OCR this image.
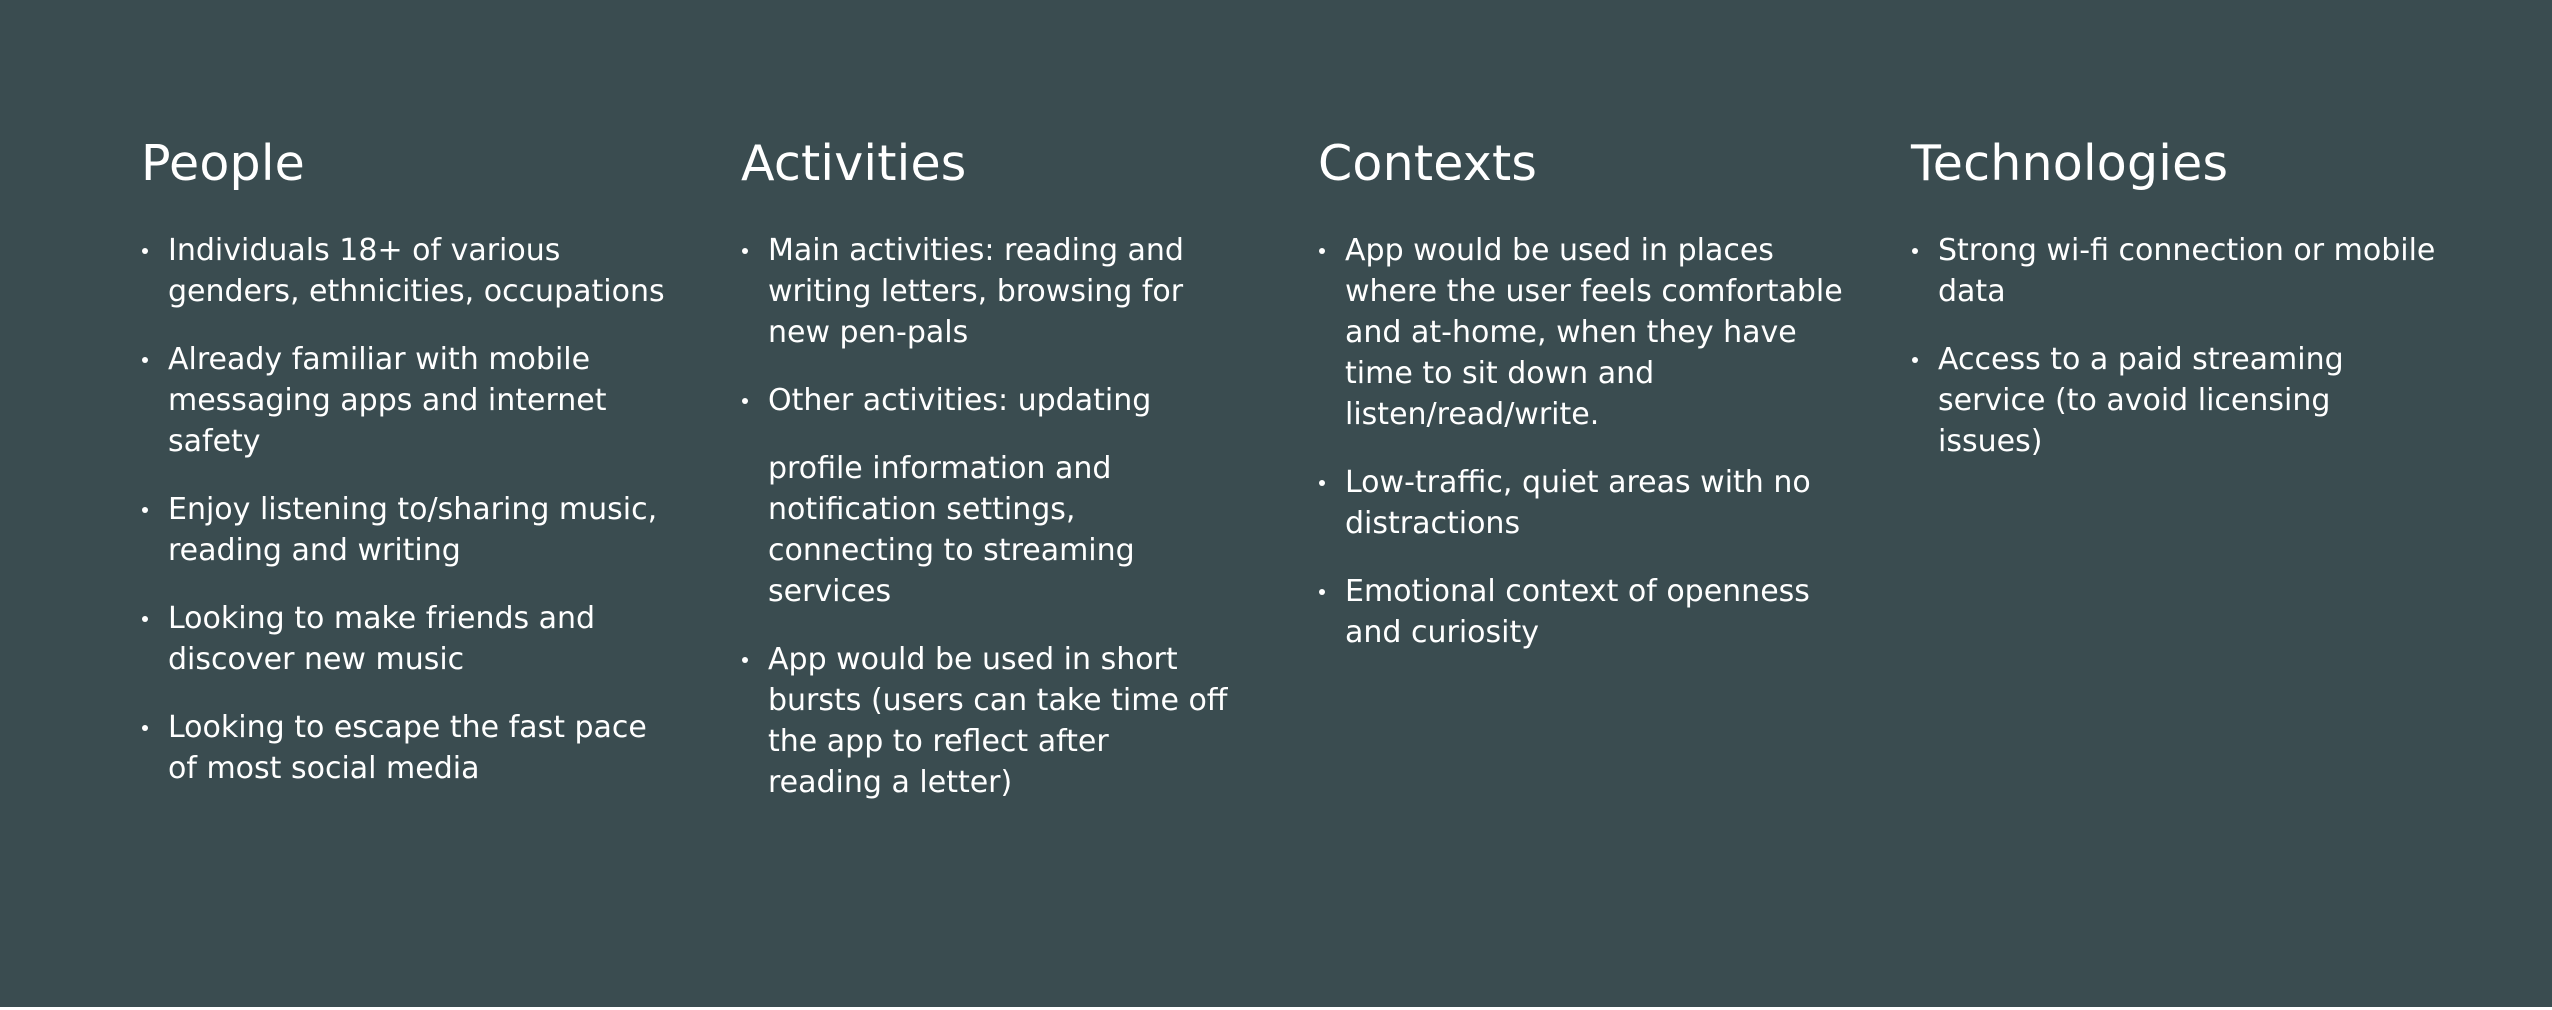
People
Individuals 18+ of various genders, ethnicities, occupations
Already familiar with mobile messaging apps and internet safety
Enjoy listening to/sharing music, reading and writing
Looking to make friends and discover new music
Looking to escape the fast pace of most social media
Activities
Main activities: reading and writing letters, browsing for new pen-pals
Other activities: updating
profile information and notification settings, connecting to streaming services
App would be used in short bursts (users can take time off the app to reflect after reading a letter)
Contexts
App would be used in places where the user feels comfortable and at-home, when they have time to sit down and listen/read/write.
Low-traffic, quiet areas with no distractions
Emotional context of openness and curiosity
Technologies
Strong wi-fi connection or mobile data
Access to a paid streaming service (to avoid licensing issues)
